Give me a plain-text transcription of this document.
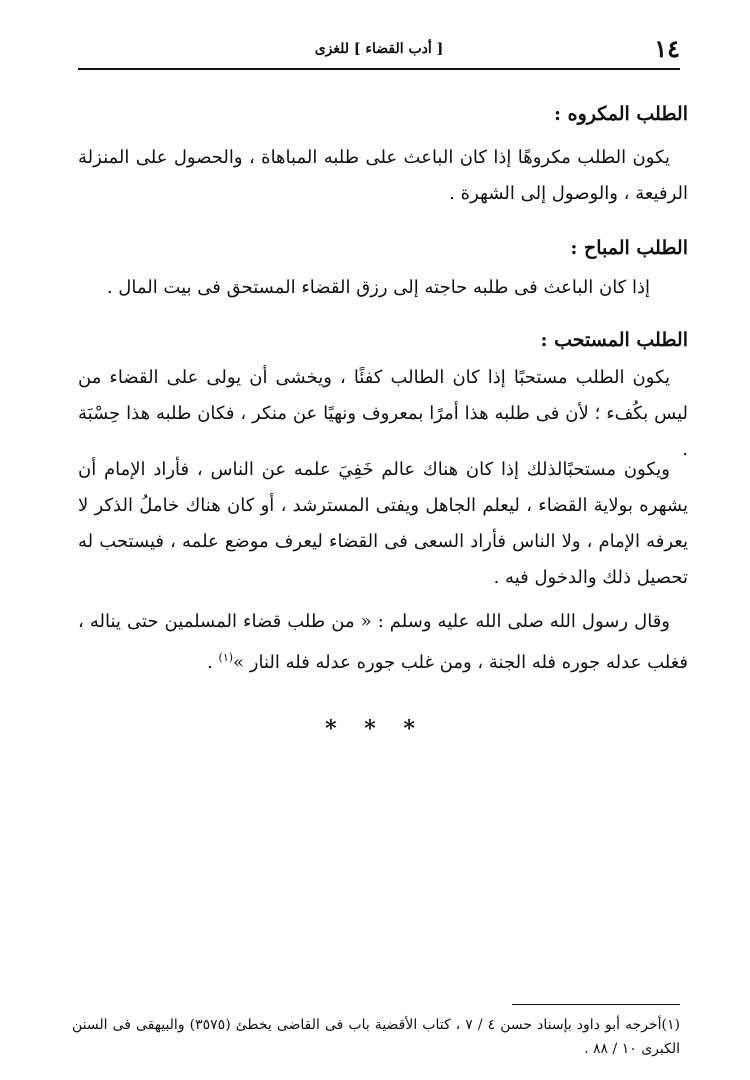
١٤
[ أدب القضاء ] للغزى
الطلب المكروه :
يكون الطلب مكروهًا إذا كان الباعث على طلبه المباهاة ، والحصول على المنزلة الرفيعة ، والوصول إلى الشهرة .
الطلب المباح :
إذا كان الباعث فى طلبه حاجته إلى رزق القضاء المستحق فى بيت المال .
الطلب المستحب :
يكون الطلب مستحبًا إذا كان الطالب كفئًا ، ويخشى أن يولى على القضاء من ليس بكُفء ؛ لأن فى طلبه هذا أمرًا بمعروف ونهيًا عن منكر ، فكان طلبه هذا حِسْبَة .
ويكون مستحبًالذلك إذا كان هناك عالم خَفِيَ علمه عن الناس ، فأراد الإمام أن يشهره بولاية القضاء ، ليعلم الجاهل ويفتى المسترشد ، أو كان هناك خاملُ الذكر لا يعرفه الإمام ، ولا الناس فأراد السعى فى القضاء ليعرف موضع علمه ، فيستحب له تحصيل ذلك والدخول فيه .
وقال رسول الله صلى الله عليه وسلم : « من طلب قضاء المسلمين حتى يناله ، فغلب عدله جوره فله الجنة ، ومن غلب جوره عدله فله النار »$^{(١)}$ .
* * *
(١)أخرجه أبو داود بإسناد حسن ٤ / ٧ ، كتاب الأقضية باب فى القاضى يخطئ (٣٥٧٥) والبيهقى فى السنن الكبرى ١٠ / ٨٨ .
